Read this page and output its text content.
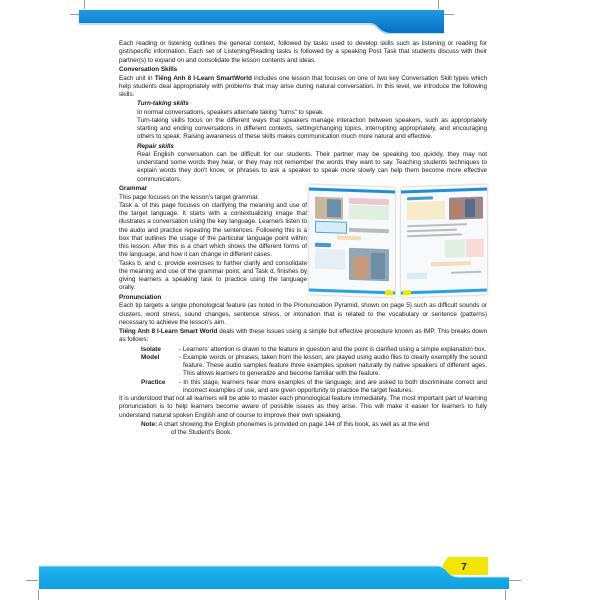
Each reading or listening outlines the general context, followed by tasks used to develop skills such as listening or reading for gist/specific information. Each set of Listening/Reading tasks is followed by a speaking Post Task that students discuss with their partner(s) to expand on and consolidate the lesson contents and ideas.

Conversation Skills

Each unit in Tiếng Anh 8 I-Learn SmartWorld includes one lesson that focuses on one of two key Conversation Skill types which help students deal appropriately with problems that may arise during natural conversation. In this level, we introduce the following skills:

Turn-taking skills

In normal conversations, speakers alternate taking "turns" to speak.

Turn-taking skills focus on the different ways that speakers manage interaction between speakers, such as appropriately starting and ending conversations in different contexts, setting/changing topics, interrupting appropriately, and encouraging others to speak. Raising awareness of these skills makes communication much more natural and effective.

Repair skills

Real English conversation can be difficult for our students. Their partner may be speaking too quickly, they may not understand some words they hear, or they may not remember the words they want to say. Teaching students techniques to explain words they don't know, or phrases to ask a speaker to speak more slowly can help them become more effective communicators.

Grammar

This page focuses on the lesson's target grammar.

Task a. of this page focuses on clarifying the meaning and use of the target language. It starts with a contextualizing image that illustrates a conversation using the key language. Learners listen to the audio and practice repeating the sentences. Following this is a box that outlines the usage of the particular language point within this lesson. After this is a chart which shows the different forms of the language, and how it can change in different cases.

Tasks b. and c. provide exercises to further clarify and consolidate the meaning and use of the grammar point, and Task d. finishes by giving learners a speaking task to practice using the language orally.

Pronunciation

Each tip targets a single phonological feature (as noted in the Pronunciation Pyramid, shown on page 5) such as difficult sounds or clusters, word stress, sound changes, sentence stress, or intonation that is related to the vocabulary or sentence (patterns) necessary to achieve the lesson's aim.

Tiếng Anh 8 I-Learn Smart World deals with these issues using a simple but effective procedure known as IMP. This breaks down as follows:

Isolate	- Learners' attention is drawn to the feature in question and the point is clarified using a simple explanation box.
Model	- Example words or phrases, taken from the lesson, are played using audio files to clearly exemplify the sound feature. These audio samples feature three examples spoken naturally by native speakers of different ages. This allows learners to generalize and become familiar with the feature.
Practice	- In this stage, learners hear more examples of the language, and are asked to both discriminate correct and incorrect examples of use, and are given opportunity to practice the target features.

It is understood that not all learners will be able to master each phonological feature immediately. The most important part of learning pronunciation is to help learners become aware of possible issues as they arise. This will make it easier for learners to fully understand natural spoken English and of course to improve their own speaking.

Note: A chart showing the English phonemes is provided on page 144 of this book, as well as at the end
of the Student's Book.

7
